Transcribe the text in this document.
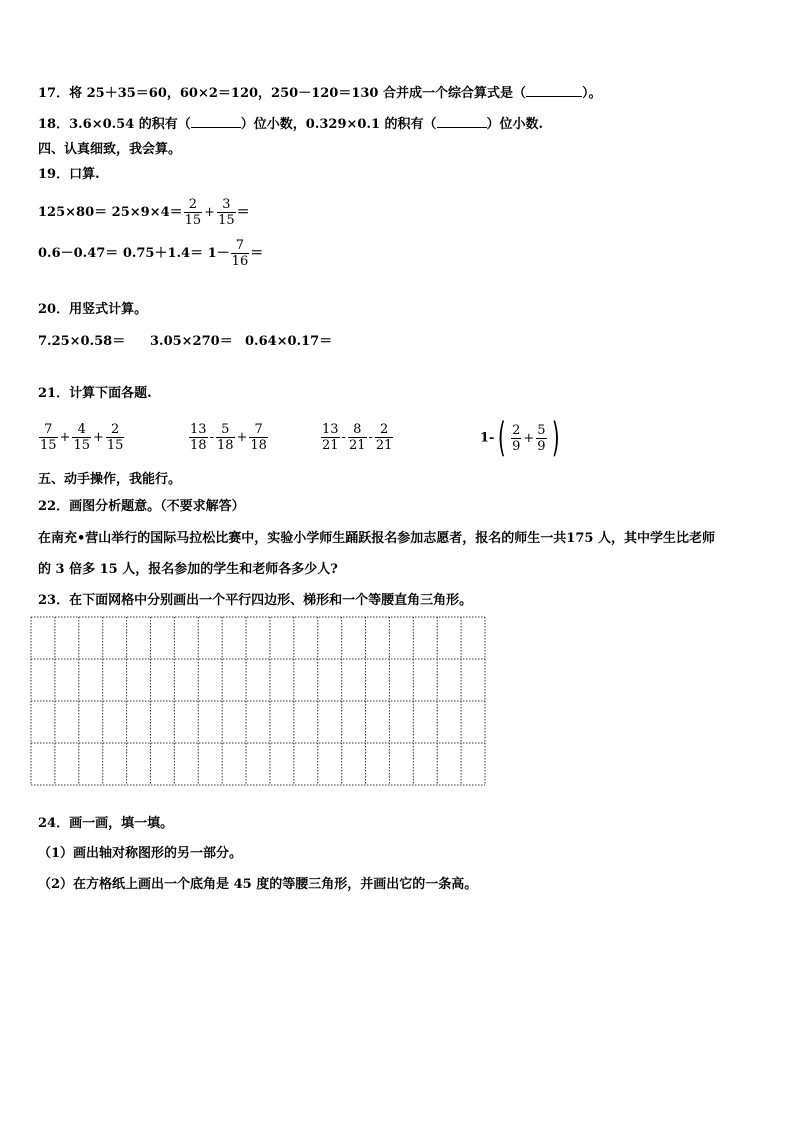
17．将 25＋35＝60，60×2＝120，250－120＝130 合并成一个综合算式是（	）。
18．3.6×0.54 的积有（	）位小数，0.329×0.1 的积有（	）位小数.
四、认真细致，我会算。
19．口算.
$125\times 80= 25\times 9\times 4= \frac{2}{15} + \frac{3}{15}$ ＝
$0.6-0.47= 0.75+1.4= 1- \frac{7}{16}$ ＝
20．用竖式计算。
7.25×0.58＝ 3.05×270＝ 0.64×0.17＝
21．计算下面各题.
$\frac{7}{15} + \frac{4}{15} + \frac{2}{15}$	$\frac{13}{18} - \frac{5}{18} + \frac{7}{18}$	$\frac{13}{21} - \frac{8}{21} - \frac{2}{21}$	$1-( \frac{2}{9} + \frac{5}{9}$ )
五、动手操作，我能行。
22．画图分析题意。（不要求解答）
在南充•营山举行的国际马拉松比赛中，实验小学师生踊跃报名参加志愿者，报名的师生一共175 人，其中学生比老师
的 3 倍多 15 人，报名参加的学生和老师各多少人?
23．在下面网格中分别画出一个平行四边形、梯形和一个等腰直角三角形。
24．画一画，填一填。
（1）画出轴对称图形的另一部分。
（2）在方格纸上画出一个底角是 45 度的等腰三角形，并画出它的一条高。
